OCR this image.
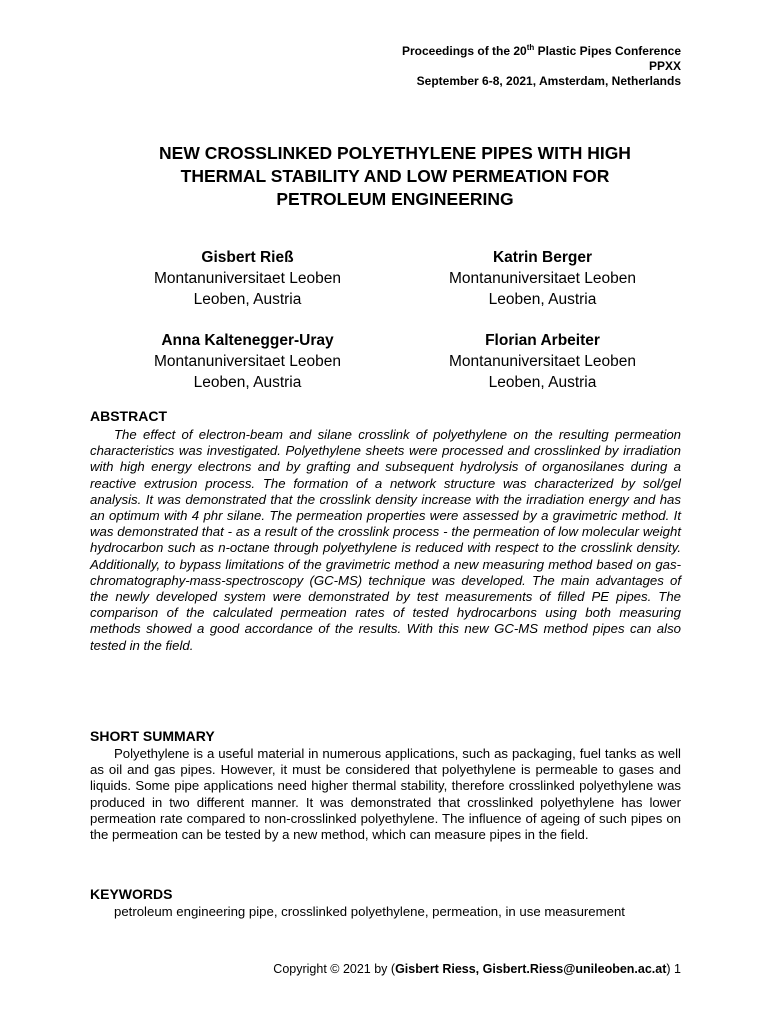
Proceedings of the 20th Plastic Pipes Conference
PPXX
September 6-8, 2021, Amsterdam, Netherlands
NEW CROSSLINKED POLYETHYLENE PIPES WITH HIGH
THERMAL STABILITY AND LOW PERMEATION FOR
PETROLEUM ENGINEERING
Gisbert Rieß
Montanuniversitaet Leoben
Leoben, Austria
Katrin Berger
Montanuniversitaet Leoben
Leoben, Austria
Anna Kaltenegger-Uray
Montanuniversitaet Leoben
Leoben, Austria
Florian Arbeiter
Montanuniversitaet Leoben
Leoben, Austria
ABSTRACT

The effect of electron-beam and silane crosslink of polyethylene on the resulting permeation characteristics was investigated. Polyethylene sheets were processed and crosslinked by irradiation with high energy electrons and by grafting and subsequent hydrolysis of organosilanes during a reactive extrusion process. The formation of a network structure was characterized by sol/gel analysis. It was demonstrated that the crosslink density increase with the irradiation energy and has an optimum with 4 phr silane. The permeation properties were assessed by a gravimetric method. It was demonstrated that - as a result of the crosslink process - the permeation of low molecular weight hydrocarbon such as n-octane through polyethylene is reduced with respect to the crosslink density. Additionally, to bypass limitations of the gravimetric method a new measuring method based on gas-chromatography-mass-spectroscopy (GC-MS) technique was developed. The main advantages of the newly developed system were demonstrated by test measurements of filled PE pipes. The comparison of the calculated permeation rates of tested hydrocarbons using both measuring methods showed a good accordance of the results. With this new GC-MS method pipes can also tested in the field.

SHORT SUMMARY

Polyethylene is a useful material in numerous applications, such as packaging, fuel tanks as well as oil and gas pipes. However, it must be considered that polyethylene is permeable to gases and liquids. Some pipe applications need higher thermal stability, therefore crosslinked polyethylene was produced in two different manner. It was demonstrated that crosslinked polyethylene has lower permeation rate compared to non-crosslinked polyethylene. The influence of ageing of such pipes on the permeation can be tested by a new method, which can measure pipes in the field.

KEYWORDS

petroleum engineering pipe, crosslinked polyethylene, permeation, in use measurement

Copyright © 2021 by (Gisbert Riess, Gisbert.Riess@unileoben.ac.at) 1
